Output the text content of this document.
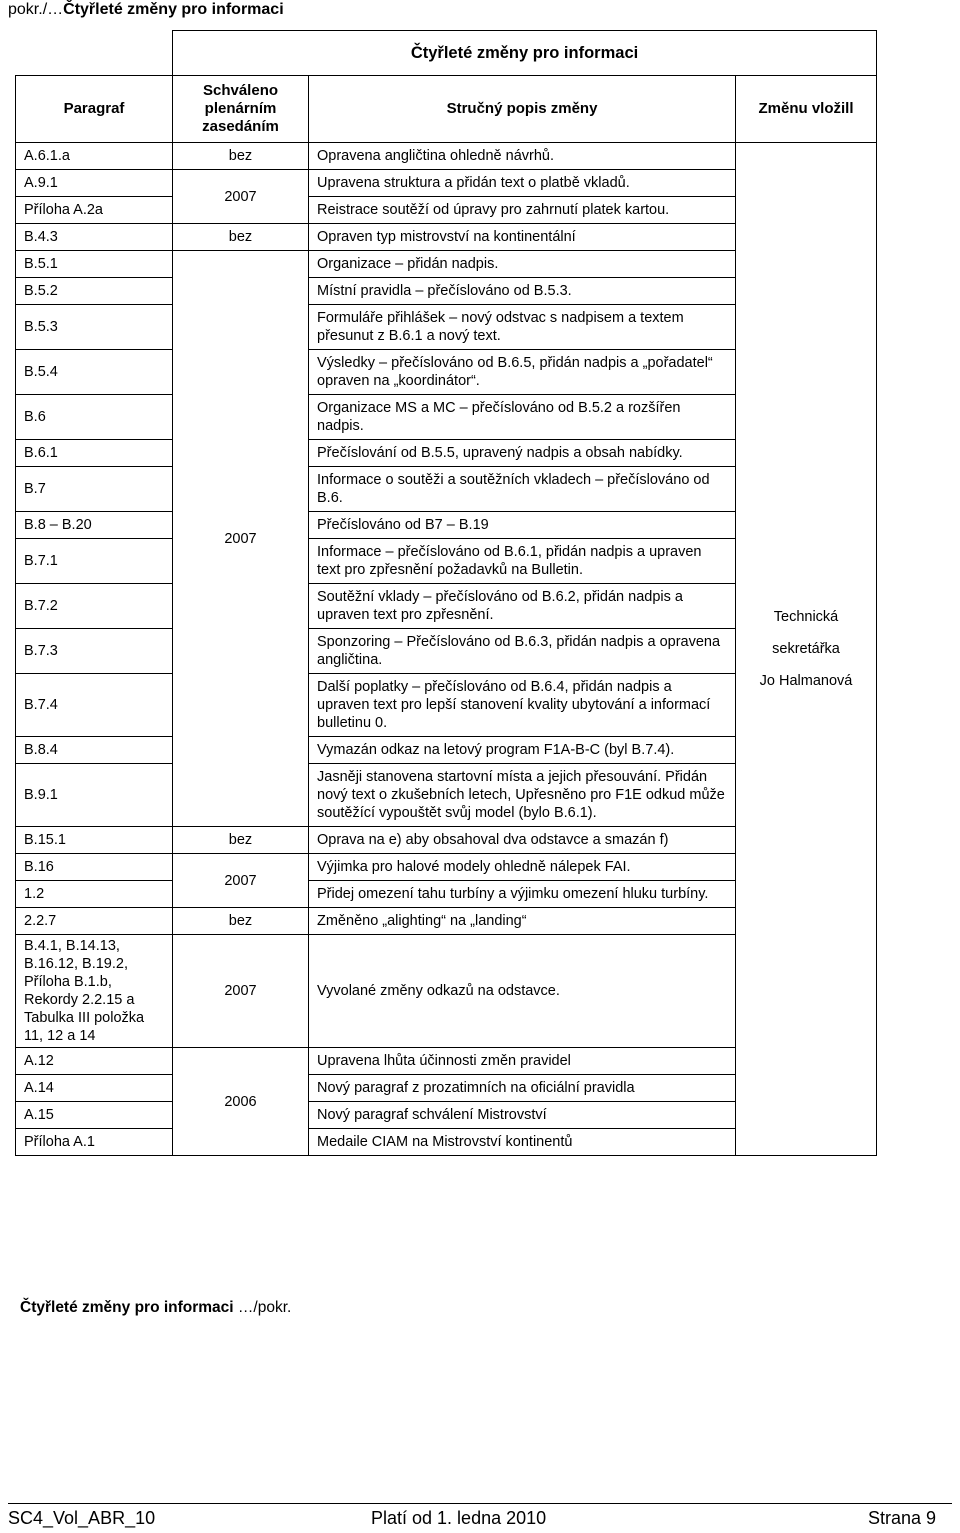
pokr./…Čtyřleté změny pro informaci
	Čtyřleté změny pro informaci		
Paragraf	Schváleno plenárním zasedáním	Stručný popis změny	Změnu vložill
A.6.1.a	bez	Opravena angličtina ohledně návrhů.	Technická
sekretářka
Jo Halmanová

A.9.1	2007	Upravena struktura a přidán text o platbě vkladů.	
Příloha A.2a		Reistrace soutěží od úpravy pro zahrnutí platek kartou.	
B.4.3	bez	Opraven typ mistrovství na kontinentální	
B.5.1	2007	Organizace – přidán nadpis.	
B.5.2		Místní pravidla – přečíslováno od B.5.3.	
B.5.3		Formuláře přihlášek – nový odstvac s nadpisem a textem přesunut z B.6.1 a nový text.	
B.5.4		Výsledky – přečíslováno od B.6.5, přidán nadpis a „pořadatel“ opraven na „koordinátor“.	
B.6		Organizace MS a MC – přečíslováno od B.5.2 a rozšířen nadpis.	
B.6.1		Přečíslování od B.5.5, upravený nadpis a obsah nabídky.	
B.7		Informace o soutěži a soutěžních vkladech – přečíslováno od B.6.	
B.8 – B.20		Přečíslováno od B7 – B.19	
B.7.1		Informace – přečíslováno od B.6.1, přidán nadpis a upraven text pro zpřesnění požadavků na Bulletin.	
B.7.2		Soutěžní vklady – přečíslováno od B.6.2, přidán nadpis a upraven text pro zpřesnění.	
B.7.3		Sponzoring – Přečíslováno od B.6.3, přidán nadpis a opravena angličtina.	
B.7.4		Další poplatky – přečíslováno od B.6.4, přidán nadpis a upraven text pro lepší stanovení kvality ubytování a informací bulletinu 0.	
B.8.4		Vymazán odkaz na letový program F1A-B-C (byl B.7.4).	
B.9.1		Jasněji stanovena startovní místa a jejich přesouvání. Přidán nový text o zkušebních letech, Upřesněno pro F1E odkud může soutěžící vypouštět svůj model (bylo B.6.1).	
B.15.1	bez	Oprava na e) aby obsahoval dva odstavce a smazán f)	
B.16	2007	Výjimka pro halové modely ohledně nálepek FAI.	
1.2		Přidej omezení tahu turbíny a výjimku omezení hluku turbíny.	
2.2.7	bez	Změněno „alighting“ na „landing“	
B.4.1, B.14.13, B.16.12, B.19.2, Příloha B.1.b, Rekordy 2.2.15 a Tabulka III položka 11, 12 a 14	2007	Vyvolané změny odkazů na odstavce.	
A.12	2006	Upravena lhůta účinnosti změn pravidel	
A.14		Nový paragraf z prozatimních na oficiální pravidla	
A.15		Nový paragraf schválení Mistrovství	
Příloha A.1		Medaile CIAM na Mistrovství kontinentů	
Čtyřleté změny pro informaci …/pokr.
SC4_Vol_ABR_10	Platí od 1. ledna 2010	Strana 9
